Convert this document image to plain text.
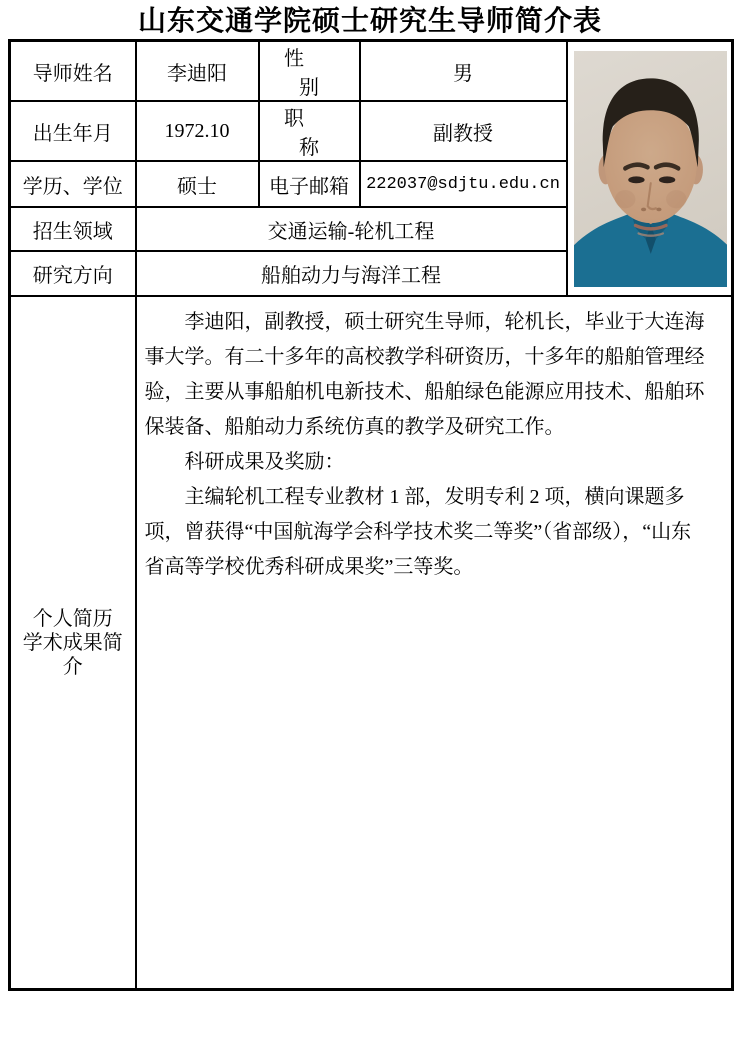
山东交通学院硕士研究生导师简介表
导师姓名	李迪阳	性别	男	

出生年月	1972.10	职称	副教授	
学历、学位	硕士	电子邮箱	222037@sdjtu.edu.cn	
招生领域	交通运输-轮机工程			
研究方向	船舶动力与海洋工程			

个人简历
学术成果简介

李迪阳，副教授，硕士研究生导师，轮机长，毕业于大连海事大学。有二十多年的高校教学科研资历，十多年的船舶管理经验，主要从事船舶机电新技术、船舶绿色能源应用技术、船舶环保装备、船舶动力系统仿真的教学及研究工作。

科研成果及奖励：

主编轮机工程专业教材 1 部，发明专利 2 项，横向课题多项，曾获得“中国航海学会科学技术奖二等奖”（省部级），“山东省高等学校优秀科研成果奖”三等奖。
